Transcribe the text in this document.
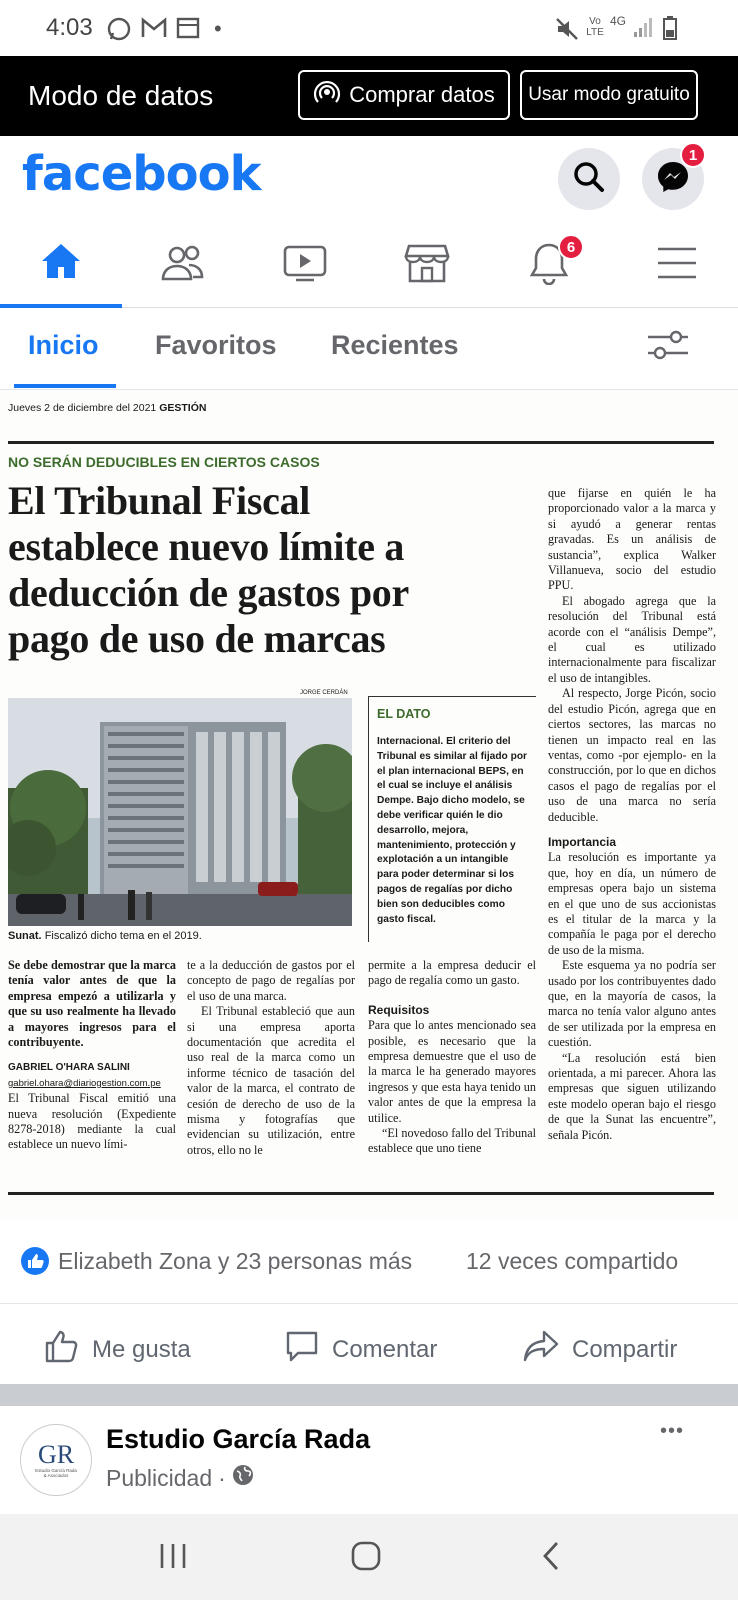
4:03	•	Vo LTE
4G
Modo de datos	Comprar datos Usar modo gratuito
facebook	1
6
Inicio Favoritos Recientes
Jueves 2 de diciembre del 2021 GESTIÓN
NO SERÁN DEDUCIBLES EN CIERTOS CASOS
El Tribunal Fiscal
establece nuevo límite a
deducción de gastos por
pago de uso de marcas
JORGE CERDÁN
Sunat. Fiscalizó dicho tema en el 2019.
EL DATO
Internacional. El criterio del Tribunal es similar al fijado por el plan internacional BEPS, en el cual se incluye el análisis Dempe. Bajo dicho modelo, se debe verificar quién le dio desarrollo, mejora, mantenimiento, protección y explotación a un intangible para poder determinar si los pagos de regalías por dicho bien son deducibles como gasto fiscal.

Se debe demostrar que la marca tenía valor antes de que la empresa empezó a utilizarla y que su uso realmente ha llevado a mayores ingresos para el contribuyente.

GABRIEL O'HARA SALINI
gabriel.ohara@diariogestion.com.pe

El Tribunal Fiscal emitió una nueva resolución (Expediente 8278-2018) mediante la cual establece un nuevo lími-

te a la deducción de gastos por el concepto de pago de regalías por el uso de una marca.

El Tribunal estableció que aun si una empresa aporta documentación que acredita el uso real de la marca como un informe técnico de tasación del valor de la marca, el contrato de cesión de derecho de uso de la misma y fotografías que evidencian su utilización, entre otros, ello no le

permite a la empresa deducir el pago de regalía como un gasto.

Requisitos

Para que lo antes mencionado sea posible, es necesario que la empresa demuestre que el uso de la marca le ha generado mayores ingresos y que esta haya tenido un valor antes de que la empresa la utilice.

“El novedoso fallo del Tribunal establece que uno tiene

que fijarse en quién le ha proporcionado valor a la marca y si ayudó a generar rentas gravadas. Es un análisis de sustancia”, explica Walker Villanueva, socio del estudio PPU.

El abogado agrega que la resolución del Tribunal está acorde con el “análisis Dempe”, el cual es utilizado internacionalmente para fiscalizar el uso de intangibles.

Al respecto, Jorge Picón, socio del estudio Picón, agrega que en ciertos sectores, las marcas no tienen un impacto real en las ventas, como -por ejemplo- en la construcción, por lo que en dichos casos el pago de regalías por el uso de una marca no sería deducible.

Importancia

La resolución es importante ya que, hoy en día, un número de empresas opera bajo un sistema en el que uno de sus accionistas es el titular de la marca y la compañía le paga por el derecho de uso de la misma.

Este esquema ya no podría ser usado por los contribuyentes dado que, en la mayoría de casos, la marca no tenía valor alguno antes de ser utilizada por la empresa en cuestión.

“La resolución está bien orientada, a mi parecer. Ahora las empresas que siguen utilizando este modelo operan bajo el riesgo de que la Sunat las encuentre”, señala Picón.

Elizabeth Zona y 23 personas más 12 veces compartido
Me gusta	Comentar	Compartir
GR
Estudio García Rada & Asociados
Estudio García Rada
Publicidad ·
•••
